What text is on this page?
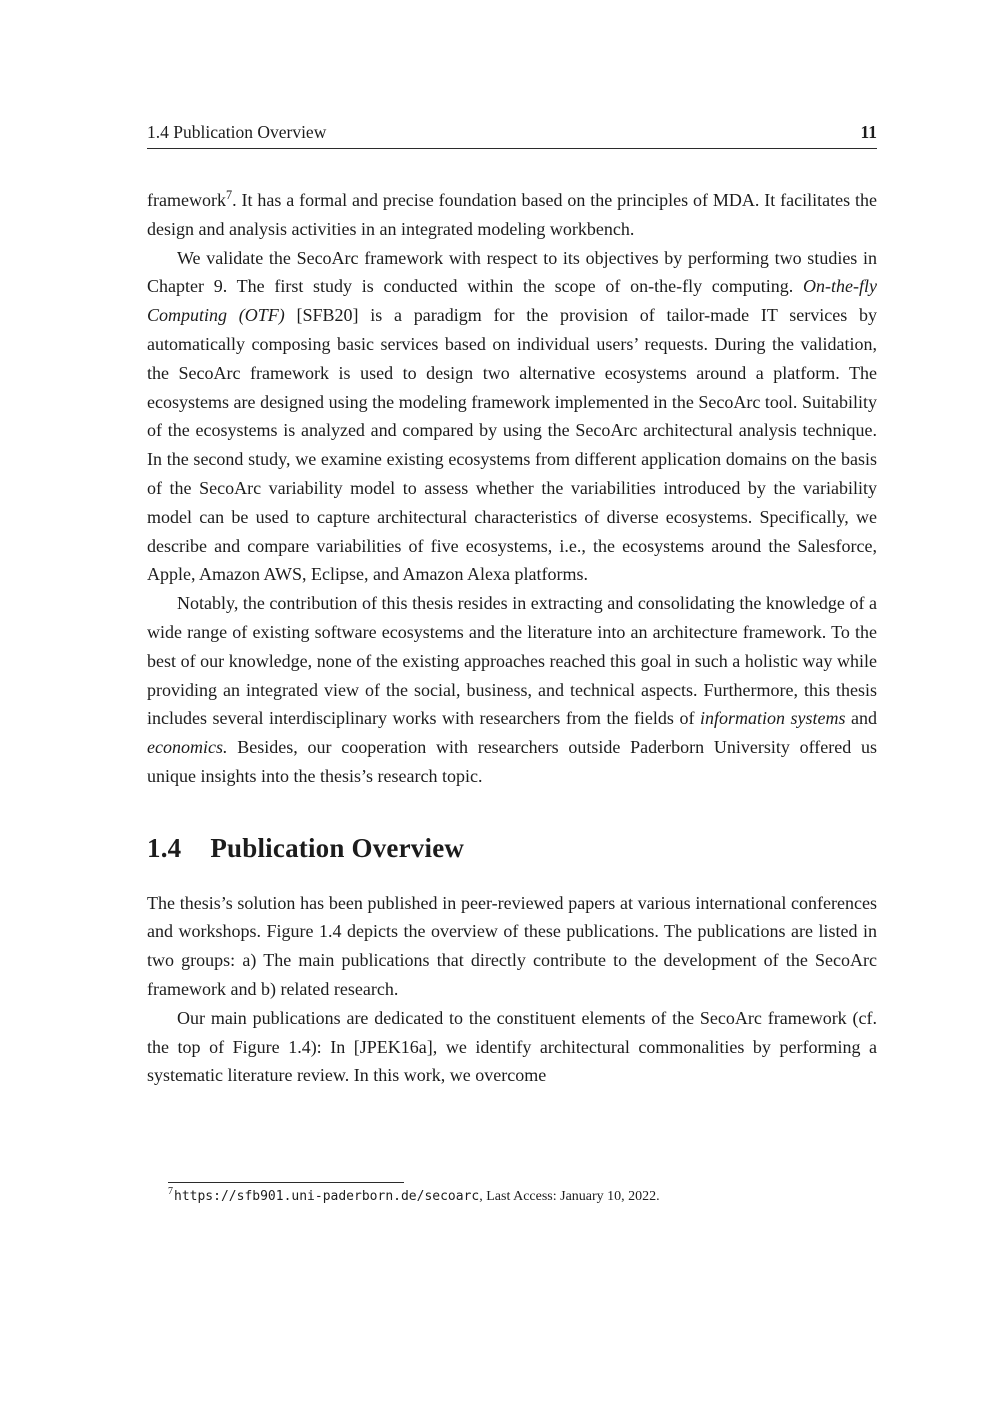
1.4 Publication Overview	11

framework$^7$. It has a formal and precise foundation based on the principles of MDA. It facilitates the design and analysis activities in an integrated modeling workbench.

We validate the SecoArc framework with respect to its objectives by performing two studies in Chapter 9. The first study is conducted within the scope of on-the-fly computing. On-the-fly Computing (OTF) [SFB20] is a paradigm for the provision of tailor-made IT services by automatically composing basic services based on individual users’ requests. During the validation, the SecoArc framework is used to design two alternative ecosystems around a platform. The ecosystems are designed using the modeling framework implemented in the SecoArc tool. Suitability of the ecosystems is analyzed and compared by using the SecoArc architectural analysis technique. In the second study, we examine existing ecosystems from different application domains on the basis of the SecoArc variability model to assess whether the variabilities introduced by the variability model can be used to capture architectural characteristics of diverse ecosystems. Specifically, we describe and compare variabilities of five ecosystems, i.e., the ecosystems around the Salesforce, Apple, Amazon AWS, Eclipse, and Amazon Alexa platforms.

Notably, the contribution of this thesis resides in extracting and consolidating the knowledge of a wide range of existing software ecosystems and the literature into an architecture framework. To the best of our knowledge, none of the existing approaches reached this goal in such a holistic way while providing an integrated view of the social, business, and technical aspects. Furthermore, this thesis includes several interdisciplinary works with researchers from the fields of information systems and economics. Besides, our cooperation with researchers outside Paderborn University offered us unique insights into the thesis’s research topic.

1.4 Publication Overview

The thesis’s solution has been published in peer-reviewed papers at various international conferences and workshops. Figure 1.4 depicts the overview of these publications. The publications are listed in two groups: a) The main publications that directly contribute to the development of the SecoArc framework and b) related research.

Our main publications are dedicated to the constituent elements of the SecoArc framework (cf. the top of Figure 1.4): In [JPEK16a], we identify architectural commonalities by performing a systematic literature review. In this work, we overcome

$^7$https://sfb901.uni-paderborn.de/secoarc, Last Access: January 10, 2022.
